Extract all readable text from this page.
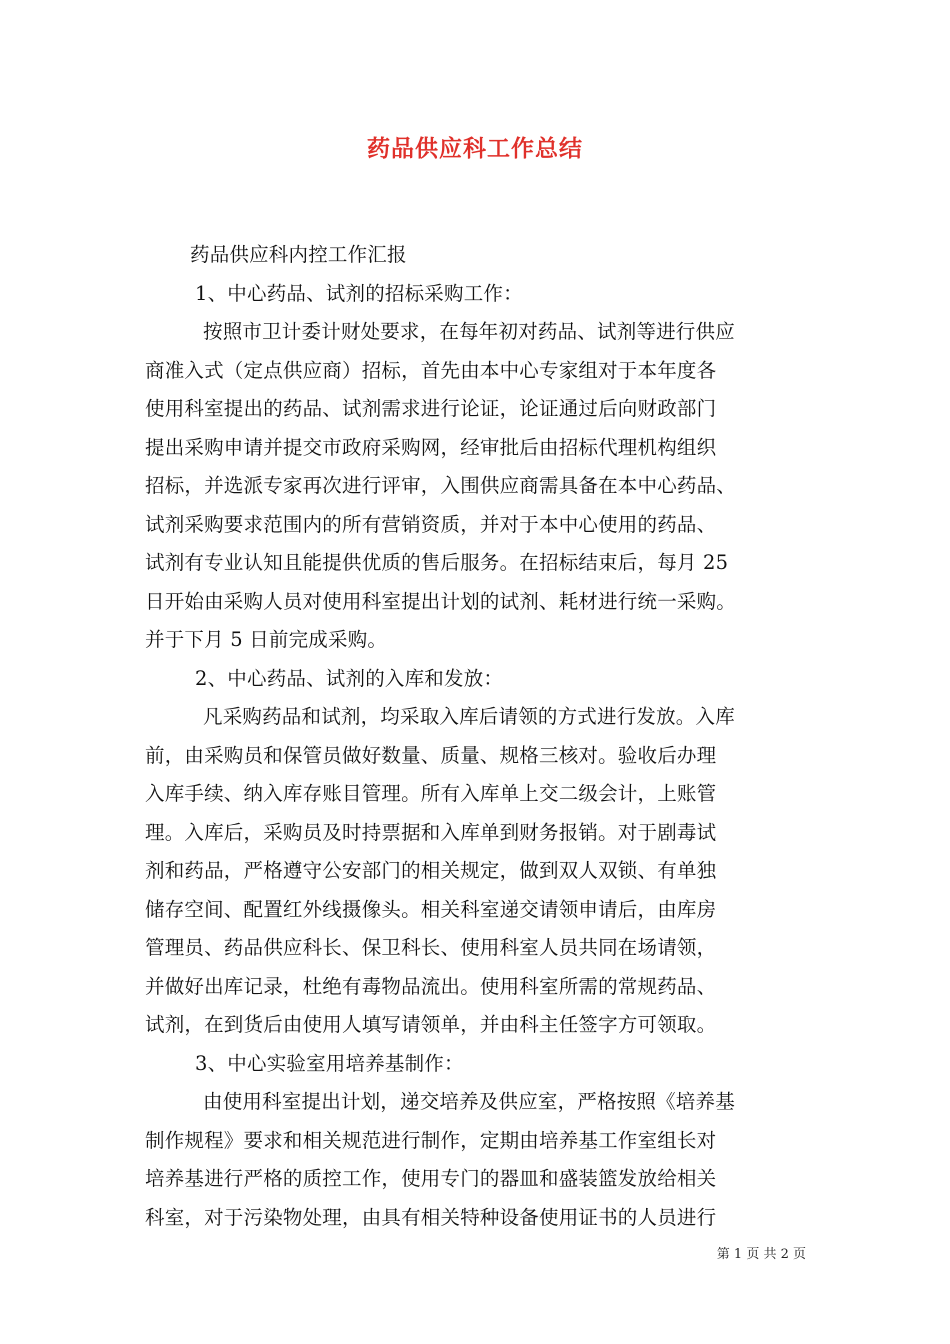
药品供应科工作总结
药品供应科内控工作汇报
1、中心药品、试剂的招标采购工作：
按照市卫计委计财处要求，在每年初对药品、试剂等进行供应
商准入式（定点供应商）招标，首先由本中心专家组对于本年度各
使用科室提出的药品、试剂需求进行论证，论证通过后向财政部门
提出采购申请并提交市政府采购网，经审批后由招标代理机构组织
招标，并选派专家再次进行评审，入围供应商需具备在本中心药品、
试剂采购要求范围内的所有营销资质，并对于本中心使用的药品、
试剂有专业认知且能提供优质的售后服务。在招标结束后，每月 25
日开始由采购人员对使用科室提出计划的试剂、耗材进行统一采购。
并于下月 5 日前完成采购。
2、中心药品、试剂的入库和发放：
凡采购药品和试剂，均采取入库后请领的方式进行发放。入库
前，由采购员和保管员做好数量、质量、规格三核对。验收后办理
入库手续、纳入库存账目管理。所有入库单上交二级会计，上账管
理。入库后，采购员及时持票据和入库单到财务报销。对于剧毒试
剂和药品，严格遵守公安部门的相关规定，做到双人双锁、有单独
储存空间、配置红外线摄像头。相关科室递交请领申请后，由库房
管理员、药品供应科长、保卫科长、使用科室人员共同在场请领，
并做好出库记录，杜绝有毒物品流出。使用科室所需的常规药品、
试剂，在到货后由使用人填写请领单，并由科主任签字方可领取。
3、中心实验室用培养基制作：
由使用科室提出计划，递交培养及供应室，严格按照《培养基
制作规程》要求和相关规范进行制作，定期由培养基工作室组长对
培养基进行严格的质控工作，使用专门的器皿和盛装篮发放给相关
科室，对于污染物处理，由具有相关特种设备使用证书的人员进行
第 1 页 共 2 页
